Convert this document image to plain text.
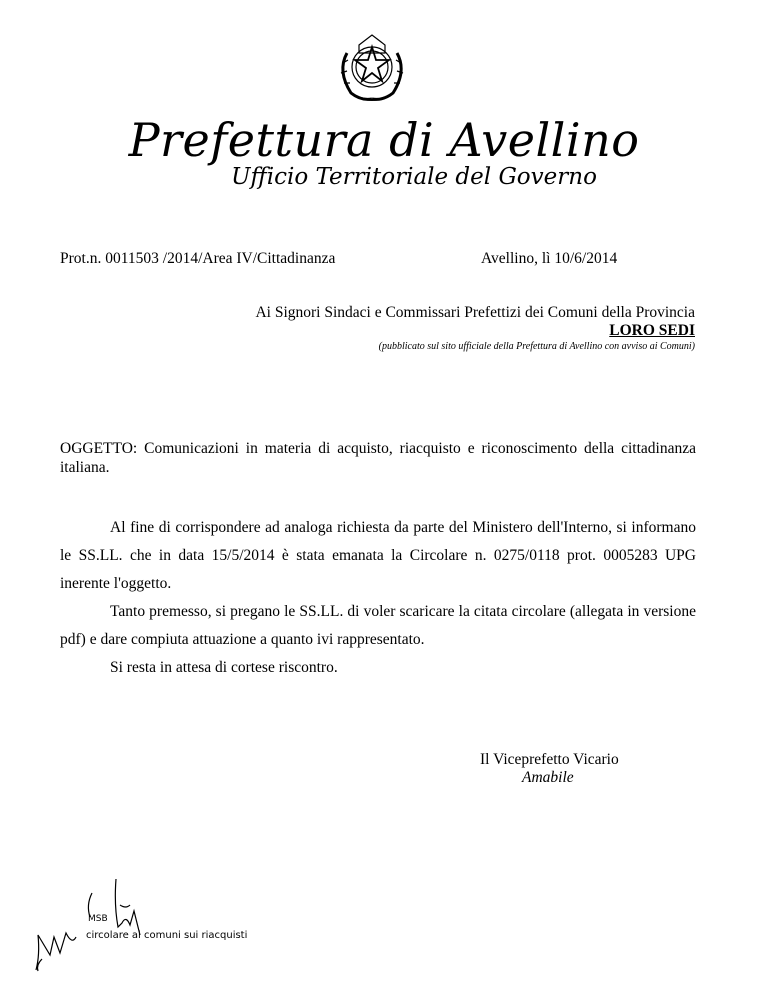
Prefettura di Avellino
Ufficio Territoriale del Governo
Prot.n. 0011503 /2014/Area IV/Cittadinanza	Avellino, lì 10/6/2014
Ai Signori Sindaci e Commissari Prefettizi dei Comuni della Provincia
LORO SEDI
(pubblicato sul sito ufficiale della Prefettura di Avellino con avviso ai Comuni)
OGGETTO: Comunicazioni in materia di acquisto, riacquisto e riconoscimento della cittadinanza italiana.

Al fine di corrispondere ad analoga richiesta da parte del Ministero dell'Interno, si informano le SS.LL. che in data 15/5/2014 è stata emanata la Circolare n. 0275/0118 prot. 0005283 UPG inerente l'oggetto.

Tanto premesso, si pregano le SS.LL. di voler scaricare la citata circolare (allegata in versione pdf) e dare compiuta attuazione a quanto ivi rappresentato.

Si resta in attesa di cortese riscontro.

Il Viceprefetto Vicario
Amabile
MSB
circolare ai comuni sui riacquisti
